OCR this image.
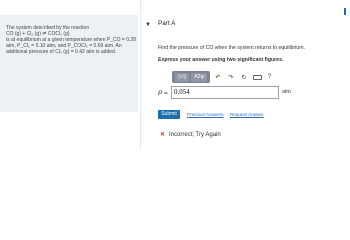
The system described by the reaction
CO (g) + Cl₂ (g) ⇌ COCl₂ (g)
is at equilibrium at a given temperature when P_CO = 0.28
atm, P_Cl₂ = 0.10 atm, and P_COCl₂ = 0.69 atm. An
additional pressure of Cl₂ (g) = 0.42 atm is added.
▼ Part A
Find the pressure of CO when the system returns to equilibrium.
Express your answer using two significant figures.
▯√▯	ΑΣφ	↶	↷	↻	?
P = 0.054	atm
Submit	Previous Answers Request Answer
✕ Incorrect; Try Again
